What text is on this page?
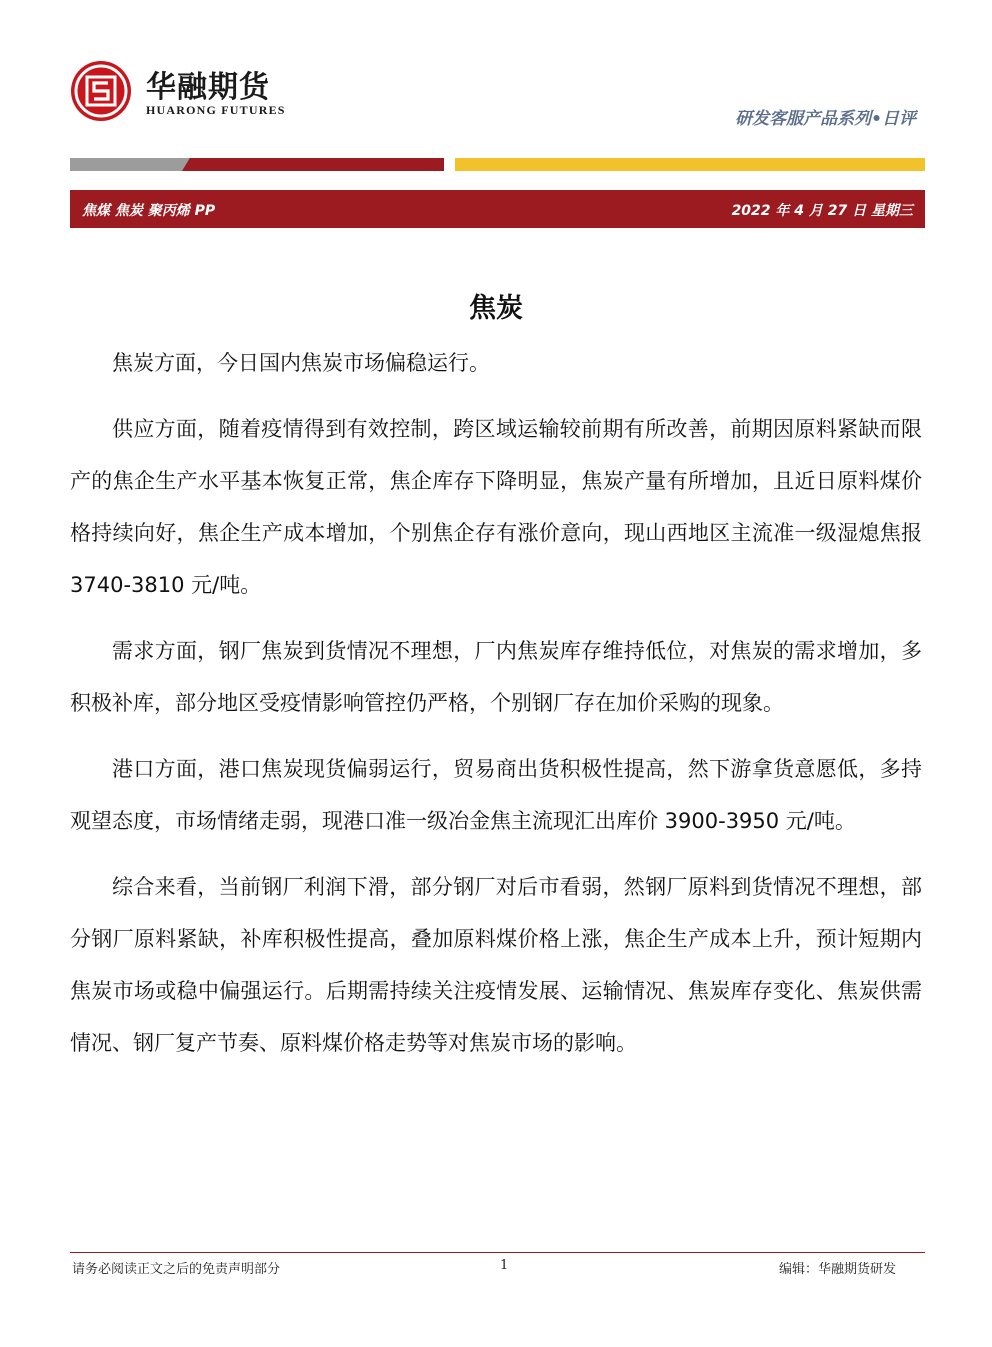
华融期货
HUARONG FUTURES	研发客服产品系列•日评
焦煤 焦炭 聚丙烯 PP	2022 年 4 月 27 日 星期三
焦炭

焦炭方面，今日国内焦炭市场偏稳运行。

供应方面，随着疫情得到有效控制，跨区域运输较前期有所改善，前期因原料紧缺而限产的焦企生产水平基本恢复正常，焦企库存下降明显，焦炭产量有所增加，且近日原料煤价格持续向好，焦企生产成本增加，个别焦企存有涨价意向，现山西地区主流准一级湿熄焦报 3740-3810 元/吨。

需求方面，钢厂焦炭到货情况不理想，厂内焦炭库存维持低位，对焦炭的需求增加，多积极补库，部分地区受疫情影响管控仍严格，个别钢厂存在加价采购的现象。

港口方面，港口焦炭现货偏弱运行，贸易商出货积极性提高，然下游拿货意愿低，多持观望态度，市场情绪走弱，现港口准一级冶金焦主流现汇出库价 3900-3950 元/吨。

综合来看，当前钢厂利润下滑，部分钢厂对后市看弱，然钢厂原料到货情况不理想，部分钢厂原料紧缺，补库积极性提高，叠加原料煤价格上涨，焦企生产成本上升，预计短期内焦炭市场或稳中偏强运行。后期需持续关注疫情发展、运输情况、焦炭库存变化、焦炭供需情况、钢厂复产节奏、原料煤价格走势等对焦炭市场的影响。

请务必阅读正文之后的免责声明部分	1	编辑：华融期货研发
